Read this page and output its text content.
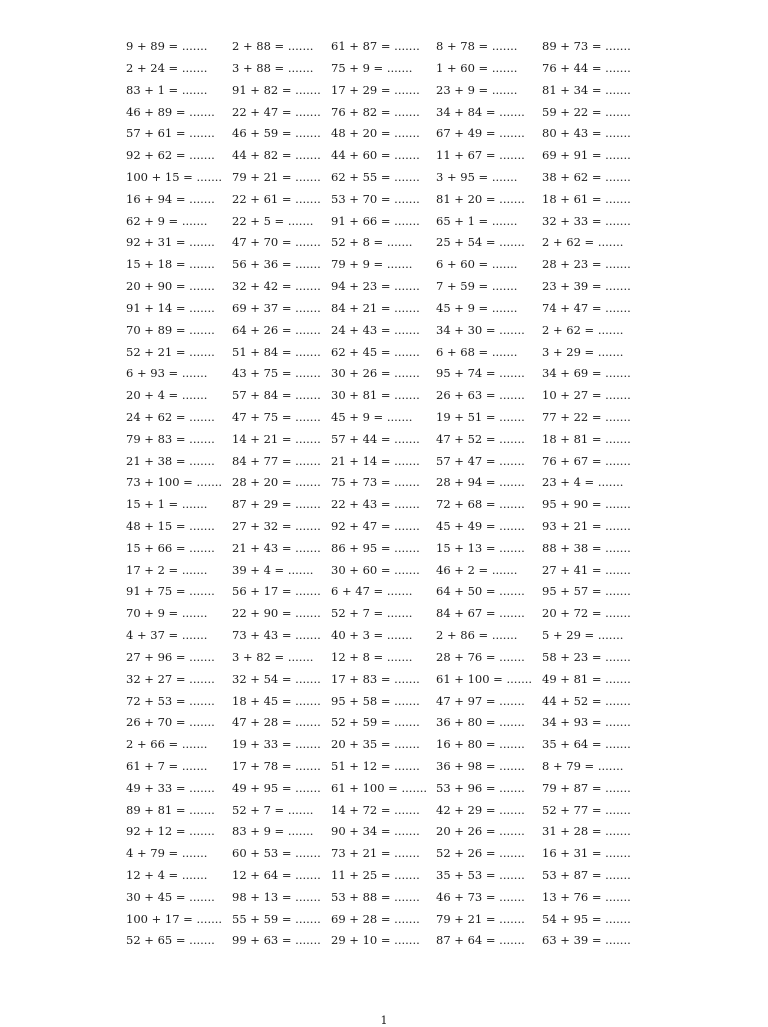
9 + 89 = .......	2 + 88 = .......	61 + 87 = .......	8 + 78 = .......	89 + 73 = .......
2 + 24 = .......	3 + 88 = .......	75 + 9 = .......	1 + 60 = .......	76 + 44 = .......
83 + 1 = .......	91 + 82 = ....... 17 + 29 = .......	23 + 9 = .......	81 + 34 = .......
46 + 89 = .......	22 + 47 = ....... 76 + 82 = .......	34 + 84 = .......	59 + 22 = .......
57 + 61 = .......	46 + 59 = ....... 48 + 20 = .......	67 + 49 = .......	80 + 43 = .......
92 + 62 = .......	44 + 82 = ....... 44 + 60 = .......	11 + 67 = .......	69 + 91 = .......
100 + 15 = ....... 79 + 21 = ....... 62 + 55 = .......	3 + 95 = .......	38 + 62 = .......
16 + 94 = .......	22 + 61 = ....... 53 + 70 = .......	81 + 20 = .......	18 + 61 = .......
62 + 9 = .......	22 + 5 = .......	91 + 66 = .......	65 + 1 = .......	32 + 33 = .......
92 + 31 = .......	47 + 70 = ....... 52 + 8 = .......	25 + 54 = .......	2 + 62 = .......
15 + 18 = .......	56 + 36 = ....... 79 + 9 = .......	6 + 60 = .......	28 + 23 = .......
20 + 90 = .......	32 + 42 = ....... 94 + 23 = .......	7 + 59 = .......	23 + 39 = .......
91 + 14 = .......	69 + 37 = ....... 84 + 21 = .......	45 + 9 = .......	74 + 47 = .......
70 + 89 = .......	64 + 26 = ....... 24 + 43 = .......	34 + 30 = .......	2 + 62 = .......
52 + 21 = .......	51 + 84 = ....... 62 + 45 = .......	6 + 68 = .......	3 + 29 = .......
6 + 93 = .......	43 + 75 = ....... 30 + 26 = .......	95 + 74 = .......	34 + 69 = .......
20 + 4 = .......	57 + 84 = ....... 30 + 81 = .......	26 + 63 = .......	10 + 27 = .......
24 + 62 = .......	47 + 75 = ....... 45 + 9 = .......	19 + 51 = .......	77 + 22 = .......
79 + 83 = .......	14 + 21 = ....... 57 + 44 = .......	47 + 52 = .......	18 + 81 = .......
21 + 38 = .......	84 + 77 = ....... 21 + 14 = .......	57 + 47 = .......	76 + 67 = .......
73 + 100 = ....... 28 + 20 = ....... 75 + 73 = .......	28 + 94 = .......	23 + 4 = .......
15 + 1 = .......	87 + 29 = ....... 22 + 43 = .......	72 + 68 = .......	95 + 90 = .......
48 + 15 = .......	27 + 32 = ....... 92 + 47 = .......	45 + 49 = .......	93 + 21 = .......
15 + 66 = .......	21 + 43 = ....... 86 + 95 = .......	15 + 13 = .......	88 + 38 = .......
17 + 2 = .......	39 + 4 = .......	30 + 60 = .......	46 + 2 = .......	27 + 41 = .......
91 + 75 = .......	56 + 17 = ....... 6 + 47 = .......	64 + 50 = .......	95 + 57 = .......
70 + 9 = .......	22 + 90 = ....... 52 + 7 = .......	84 + 67 = .......	20 + 72 = .......
4 + 37 = .......	73 + 43 = ....... 40 + 3 = .......	2 + 86 = .......	5 + 29 = .......
27 + 96 = .......	3 + 82 = .......	12 + 8 = .......	28 + 76 = .......	58 + 23 = .......
32 + 27 = .......	32 + 54 = ....... 17 + 83 = .......	61 + 100 = ....... 49 + 81 = .......
72 + 53 = .......	18 + 45 = ....... 95 + 58 = .......	47 + 97 = .......	44 + 52 = .......
26 + 70 = .......	47 + 28 = ....... 52 + 59 = .......	36 + 80 = .......	34 + 93 = .......
2 + 66 = .......	19 + 33 = ....... 20 + 35 = .......	16 + 80 = .......	35 + 64 = .......
61 + 7 = .......	17 + 78 = ....... 51 + 12 = .......	36 + 98 = .......	8 + 79 = .......
49 + 33 = .......	49 + 95 = ....... 61 + 100 = ....... 53 + 96 = .......	79 + 87 = .......
89 + 81 = .......	52 + 7 = .......	14 + 72 = .......	42 + 29 = .......	52 + 77 = .......
92 + 12 = .......	83 + 9 = .......	90 + 34 = .......	20 + 26 = .......	31 + 28 = .......
4 + 79 = .......	60 + 53 = ....... 73 + 21 = .......	52 + 26 = .......	16 + 31 = .......
12 + 4 = .......	12 + 64 = ....... 11 + 25 = .......	35 + 53 = .......	53 + 87 = .......
30 + 45 = .......	98 + 13 = ....... 53 + 88 = .......	46 + 73 = .......	13 + 76 = .......
100 + 17 = ....... 55 + 59 = ....... 69 + 28 = .......	79 + 21 = .......	54 + 95 = .......
52 + 65 = .......	99 + 63 = ....... 29 + 10 = .......	87 + 64 = .......	63 + 39 = .......
1
